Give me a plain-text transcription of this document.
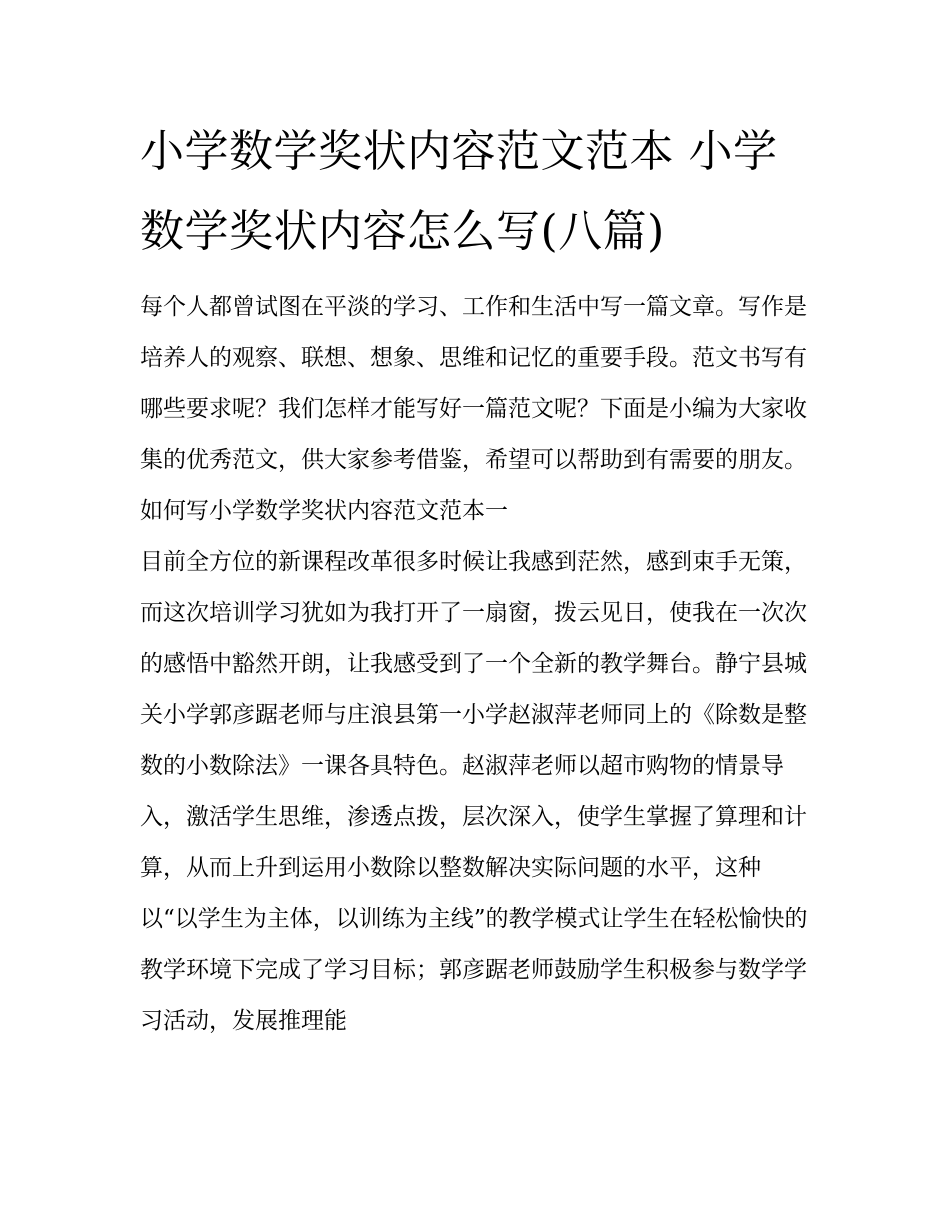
小学数学奖状内容范文范本 小学数学奖状内容怎么写(八篇)

每个人都曾试图在平淡的学习、工作和生活中写一篇文章。写作是培养人的观察、联想、想象、思维和记忆的重要手段。范文书写有哪些要求呢？我们怎样才能写好一篇范文呢？下面是小编为大家收集的优秀范文，供大家参考借鉴，希望可以帮助到有需要的朋友。

如何写小学数学奖状内容范文范本一

目前全方位的新课程改革很多时候让我感到茫然，感到束手无策，而这次培训学习犹如为我打开了一扇窗，拨云见日，使我在一次次的感悟中豁然开朗，让我感受到了一个全新的教学舞台。静宁县城关小学郭彦踞老师与庄浪县第一小学赵淑萍老师同上的《除数是整数的小数除法》一课各具特色。赵淑萍老师以超市购物的情景导入，激活学生思维，渗透点拨，层次深入，使学生掌握了算理和计算，从而上升到运用小数除以整数解决实际问题的水平，这种以“以学生为主体，以训练为主线”的教学模式让学生在轻松愉快的教学环境下完成了学习目标；郭彦踞老师鼓励学生积极参与数学学习活动，发展推理能
